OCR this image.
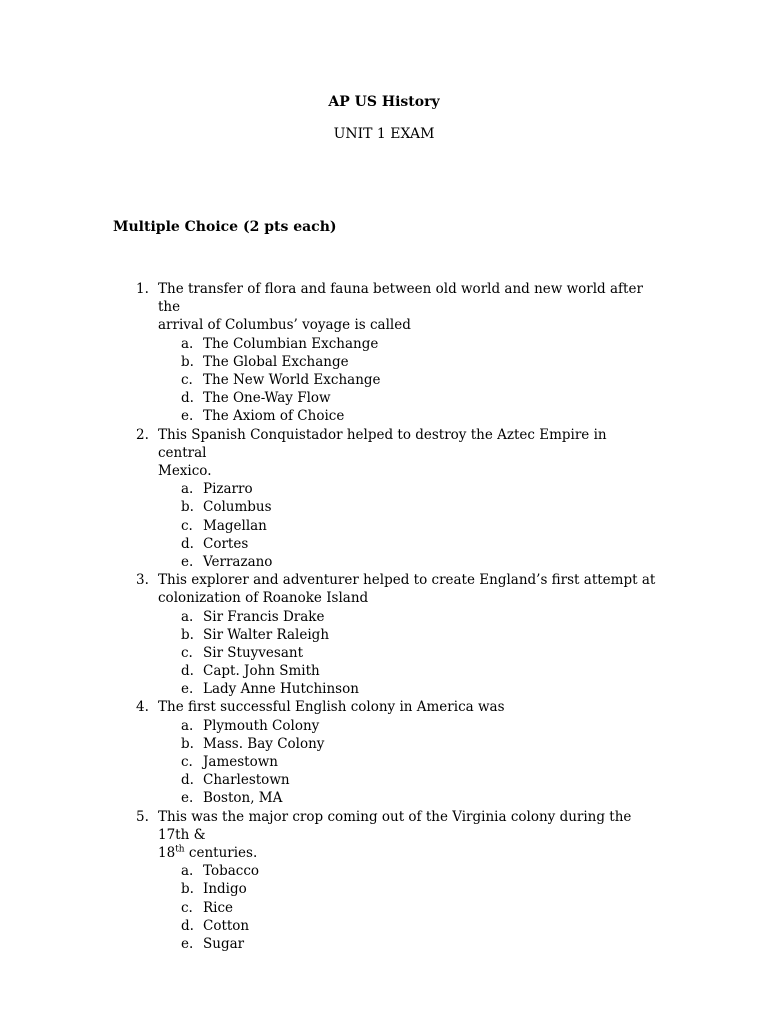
AP US History
UNIT 1 EXAM
Multiple Choice (2 pts each)
1. The transfer of flora and fauna between old world and new world after the
arrival of Columbus’ voyage is called
a. The Columbian Exchange
b. The Global Exchange
c. The New World Exchange
d. The One-Way Flow
e. The Axiom of Choice
2. This Spanish Conquistador helped to destroy the Aztec Empire in central
Mexico.
a. Pizarro
b. Columbus
c. Magellan
d. Cortes
e. Verrazano
3. This explorer and adventurer helped to create England’s first attempt at
colonization of Roanoke Island
a. Sir Francis Drake
b. Sir Walter Raleigh
c. Sir Stuyvesant
d. Capt. John Smith
e. Lady Anne Hutchinson
4. The first successful English colony in America was
a. Plymouth Colony
b. Mass. Bay Colony
c. Jamestown
d. Charlestown
e. Boston, MA
5. This was the major crop coming out of the Virginia colony during the 17th &
18th centuries.
a. Tobacco
b. Indigo
c. Rice
d. Cotton
e. Sugar
